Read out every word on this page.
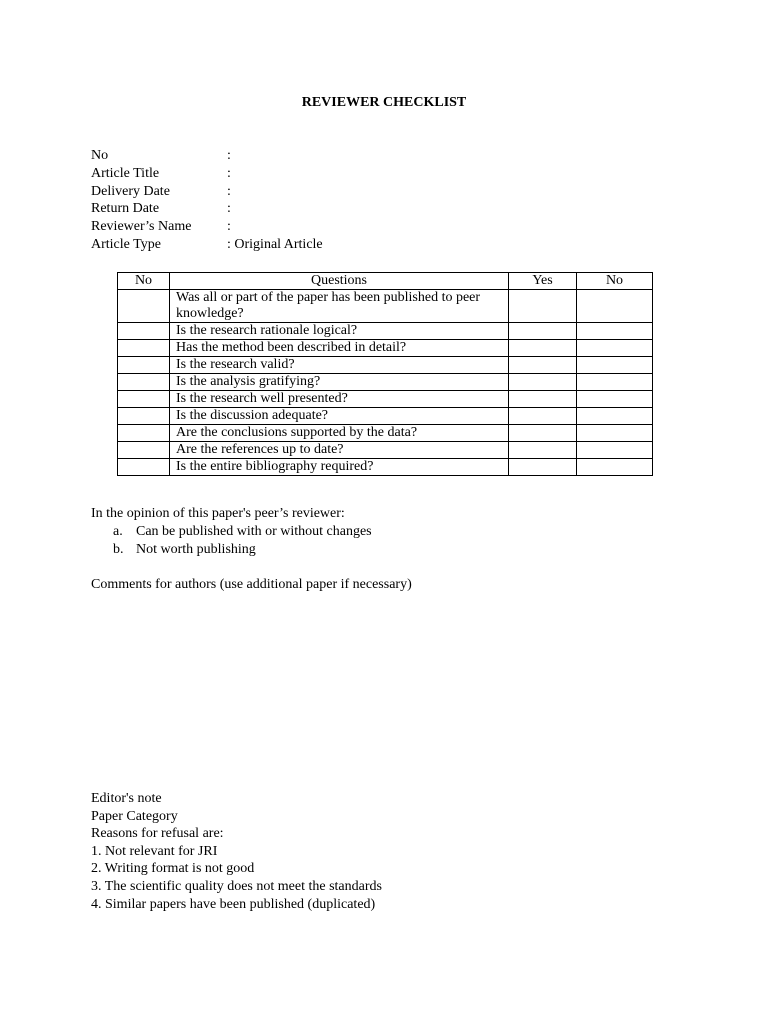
REVIEWER CHECKLIST
No	:
Article Title	:
Delivery Date	:
Return Date	:
Reviewer’s Name	:
Article Type	: Original Article
No	Questions	Yes	No
	Was all or part of the paper has been published to peer knowledge?		
	Is the research rationale logical?		
	Has the method been described in detail?		
	Is the research valid?		
	Is the analysis gratifying?		
	Is the research well presented?		
	Is the discussion adequate?		
	Are the conclusions supported by the data?		
	Are the references up to date?		
	Is the entire bibliography required?		
In the opinion of this paper's peer’s reviewer:
a. Can be published with or without changes
b. Not worth publishing
Comments for authors (use additional paper if necessary)
Editor's note
Paper Category
Reasons for refusal are:
1. Not relevant for JRI
2. Writing format is not good
3. The scientific quality does not meet the standards
4. Similar papers have been published (duplicated)
